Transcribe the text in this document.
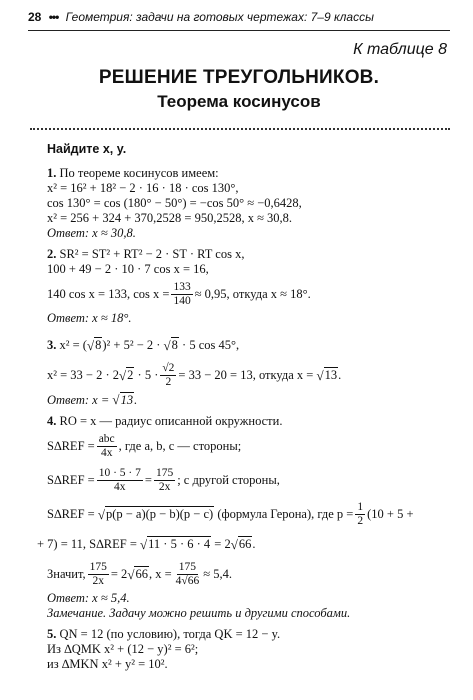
28 ••• Геометрия: задачи на готовых чертежах: 7–9 классы
К таблице 8
РЕШЕНИЕ ТРЕУГОЛЬНИКОВ.
Теорема косинусов
Найдите x, y.
1. По теореме косинусов имеем:
x² = 16² + 18² − 2 · 16 · 18 · cos 130°,
cos 130° = cos (180° − 50°) = −cos 50° ≈ −0,6428,
x² = 256 + 324 + 370,2528 = 950,2528, x ≈ 30,8.
Ответ: x ≈ 30,8.
2. SR² = ST² + RT² − 2 · ST · RT cos x,
100 + 49 − 2 · 10 · 7 cos x = 16,
140 cos x = 133, $\cos x = \frac{133}{140} \approx 0,95$, откуда x ≈ 18°.
Ответ: x ≈ 18°.
3.
x² = ( √ 8 )² + 5² − 2 ·
√ 8
· 5 cos 45°,
x² = 33 − 2 · 2 √ 2
· $5 \cdot \frac{√2}{2} = 33 - 20 = 13$, откуда x =
√ 13 .
Ответ: x = √13.
4. RO = x — радиус описанной окружности.
$S\Delta REF = \frac{\text{abc}}{4x}$ , где a, b, c — стороны;
$S\Delta REF = \frac{10 \cdot 5 \cdot 7}{4x} = \frac{175}{2x}$ ; с другой стороны,
S∆REF =
√ p(p − a)(p − b)(p − c)
(формула Герона), где $p = \frac{1}{2} (10 + 5$ +
+ 7) = 11, S∆REF =
√ 11 · 5 · 6 · 4
= 2 √ 66 .
Значит, $\frac{175}{2x} = 2$ √ 66 , $x = \frac{175}{4√66} \approx 5,4$.
Ответ: x ≈ 5,4.
Замечание. Задачу можно решить и другими способами.
5. QN = 12 (по условию), тогда QK = 12 − y.
Из ∆QMK x² + (12 − y)² = 6²;
из ∆MKN x² + y² = 10².
